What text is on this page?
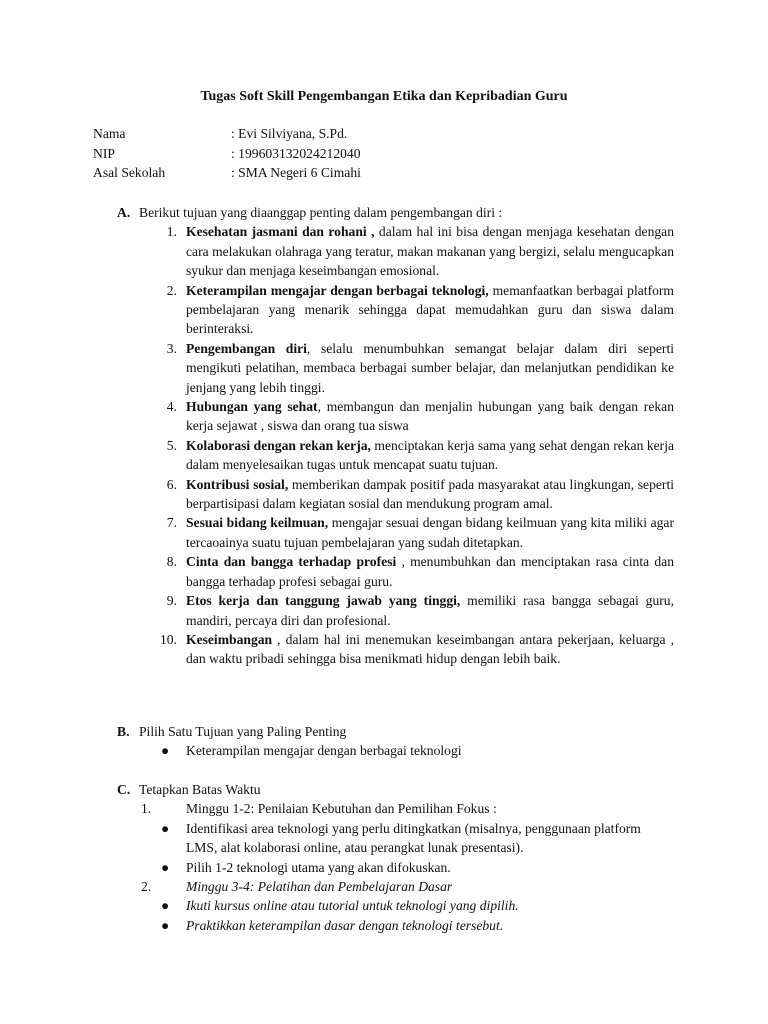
Tugas Soft Skill Pengembangan Etika dan Kepribadian Guru
Nama	: Evi Silviyana, S.Pd.
NIP	: 199603132024212040
Asal Sekolah	: SMA Negeri 6 Cimahi
A. Berikut tujuan yang diaanggap penting dalam pengembangan diri :
1. Kesehatan jasmani dan rohani , dalam hal ini bisa dengan menjaga kesehatan dengan cara melakukan olahraga yang teratur, makan makanan yang bergizi, selalu mengucapkan syukur dan menjaga keseimbangan emosional.
2. Keterampilan mengajar dengan berbagai teknologi, memanfaatkan berbagai platform pembelajaran yang menarik sehingga dapat memudahkan guru dan siswa dalam berinteraksi.
3. Pengembangan diri, selalu menumbuhkan semangat belajar dalam diri seperti mengikuti pelatihan, membaca berbagai sumber belajar, dan melanjutkan pendidikan ke jenjang yang lebih tinggi.
4. Hubungan yang sehat, membangun dan menjalin hubungan yang baik dengan rekan kerja sejawat , siswa dan orang tua siswa
5. Kolaborasi dengan rekan kerja, menciptakan kerja sama yang sehat dengan rekan kerja dalam menyelesaikan tugas untuk mencapat suatu tujuan.
6. Kontribusi sosial, memberikan dampak positif pada masyarakat atau lingkungan, seperti berpartisipasi dalam kegiatan sosial dan mendukung program amal.
7. Sesuai bidang keilmuan, mengajar sesuai dengan bidang keilmuan yang kita miliki agar tercaoainya suatu tujuan pembelajaran yang sudah ditetapkan.
8. Cinta dan bangga terhadap profesi , menumbuhkan dan menciptakan rasa cinta dan bangga terhadap profesi sebagai guru.
9. Etos kerja dan tanggung jawab yang tinggi, memiliki rasa bangga sebagai guru, mandiri, percaya diri dan profesional.
10. Keseimbangan , dalam hal ini menemukan keseimbangan antara pekerjaan, keluarga , dan waktu pribadi sehingga bisa menikmati hidup dengan lebih baik.
B. Pilih Satu Tujuan yang Paling Penting
● Keterampilan mengajar dengan berbagai teknologi
C. Tetapkan Batas Waktu
1.	Minggu 1-2: Penilaian Kebutuhan dan Pemilihan Fokus :
● Identifikasi area teknologi yang perlu ditingkatkan (misalnya, penggunaan platform LMS, alat kolaborasi online, atau perangkat lunak presentasi).
● Pilih 1-2 teknologi utama yang akan difokuskan.
2.	Minggu 3-4: Pelatihan dan Pembelajaran Dasar
● Ikuti kursus online atau tutorial untuk teknologi yang dipilih.
● Praktikkan keterampilan dasar dengan teknologi tersebut.
